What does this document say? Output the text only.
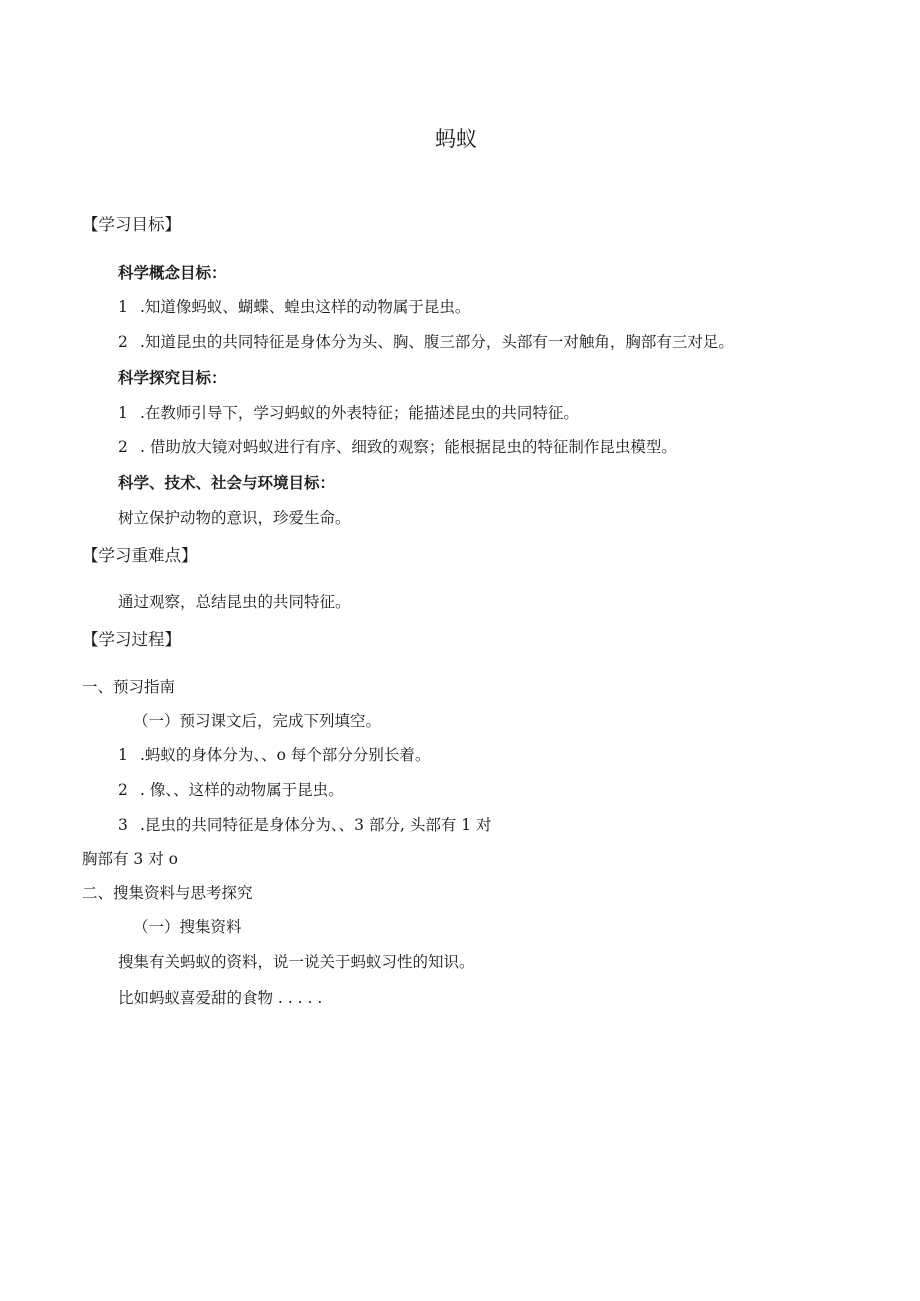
蚂蚁
【学习目标】
科学概念目标：
1 .知道像蚂蚁、蝴蝶、蝗虫这样的动物属于昆虫。
2 .知道昆虫的共同特征是身体分为头、胸、腹三部分，头部有一对触角，胸部有三对足。
科学探究目标：
1 .在教师引导下，学习蚂蚁的外表特征；能描述昆虫的共同特征。
2 . 借助放大镜对蚂蚁进行有序、细致的观察；能根据昆虫的特征制作昆虫模型。
科学、技术、社会与环境目标：
树立保护动物的意识，珍爱生命。
【学习重难点】
通过观察，总结昆虫的共同特征。
【学习过程】
一、预习指南
（一）预习课文后，完成下列填空。
1 .蚂蚁的身体分为、、o 每个部分分别长着。
2 . 像、、这样的动物属于昆虫。
3 .昆虫的共同特征是身体分为、、3 部分, 头部有 1 对
胸部有 3 对 o
二、搜集资料与思考探究
（一）搜集资料
搜集有关蚂蚁的资料，说一说关于蚂蚁习性的知识。
比如蚂蚁喜爱甜的食物 . . . . .
